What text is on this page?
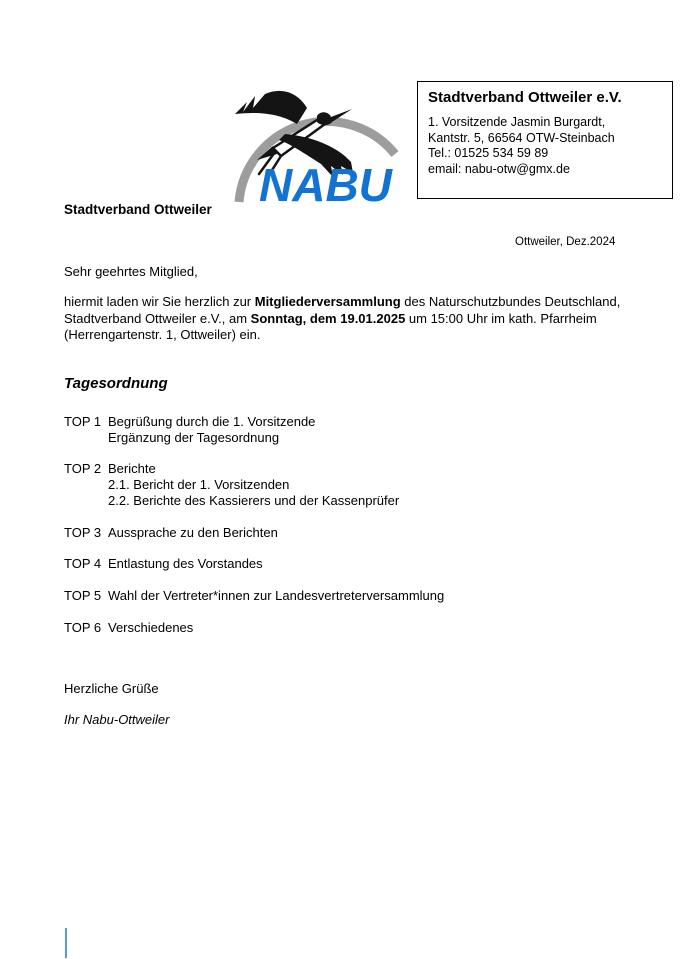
NABU
Stadtverband Ottweiler e.V.
1. Vorsitzende Jasmin Burgardt,
Kantstr. 5, 66564 OTW-Steinbach
Tel.: 01525 534 59 89
email: nabu-otw@gmx.de
Stadtverband Ottweiler
Ottweiler, Dez.2024
Sehr geehrtes Mitglied,
hiermit laden wir Sie herzlich zur Mitgliederversammlung des Naturschutzbundes Deutschland, Stadtverband Ottweiler e.V., am Sonntag, dem 19.01.2025 um 15:00 Uhr im kath. Pfarrheim (Herrengartenstr. 1, Ottweiler) ein.
Tagesordnung
TOP 1 Begrüßung durch die 1. Vorsitzende
Ergänzung der Tagesordnung
TOP 2 Berichte
2.1. Bericht der 1. Vorsitzenden
2.2. Berichte des Kassierers und der Kassenprüfer
TOP 3 Aussprache zu den Berichten
TOP 4 Entlastung des Vorstandes
TOP 5 Wahl der Vertreter*innen zur Landesvertreterversammlung
TOP 6 Verschiedenes
Herzliche Grüße
Ihr Nabu-Ottweiler
